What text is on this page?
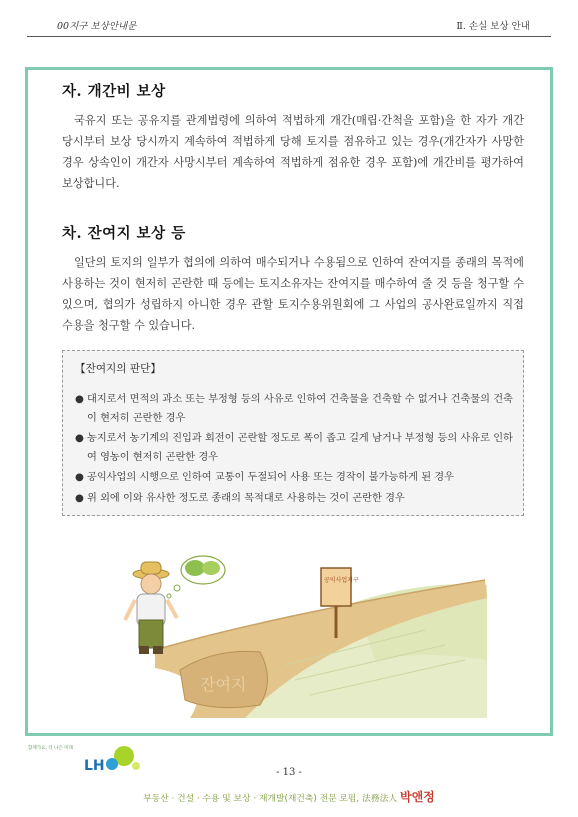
00지구 보상안내문	Ⅱ. 손실 보상 안내
자. 개간비 보상
국유지 또는 공유지를 관계법령에 의하여 적법하게 개간(매립·간척을 포함)을 한 자가 개간 당시부터 보상 당시까지 계속하여 적법하게 당해 토지를 점유하고 있는 경우(개간자가 사망한 경우 상속인이 개간자 사망시부터 계속하여 적법하게 점유한 경우 포함)에 개간비를 평가하여 보상합니다.
차. 잔여지 보상 등
일단의 토지의 일부가 협의에 의하여 매수되거나 수용됨으로 인하여 잔여지를 종래의 목적에 사용하는 것이 현저히 곤란한 때 등에는 토지소유자는 잔여지를 매수하여 줄 것 등을 청구할 수 있으며, 협의가 성립하지 아니한 경우 관할 토지수용위원회에 그 사업의 공사완료일까지 직접 수용을 청구할 수 있습니다.
【잔여지의 판단】
● 대지로서 면적의 과소 또는 부정형 등의 사유로 인하여 건축물을 건축할 수 없거나 건축물의 건축이 현저히 곤란한 경우
● 농지로서 농기계의 진입과 회전이 곤란할 정도로 폭이 좁고 길게 남거나 부정형 등의 사유로 인하여 영농이 현저히 곤란한 경우
● 공익사업의 시행으로 인하여 교통이 두절되어 사용 또는 경작이 불가능하게 된 경우
● 위 외에 이와 유사한 정도로 종래의 목적대로 사용하는 것이 곤란한 경우
잔여지
공익사업지구
함께가요, 더 나은 미래
LH	- 13 -
부동산 · 건설 · 수용 및 보상 · 재개발(재건축) 전문 로펌, 法務法人 박앤정
